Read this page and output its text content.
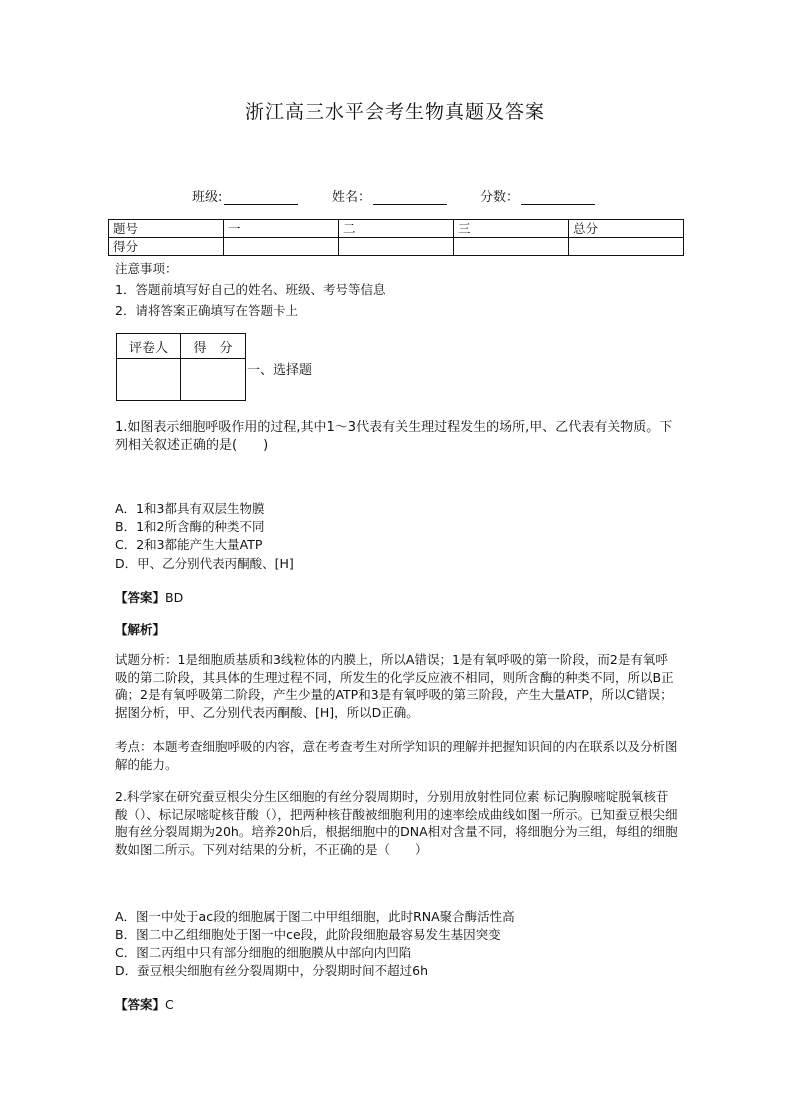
浙江高三水平会考生物真题及答案
班级:	姓名：	分数：
题号	一	二	三	总分
得分				
注意事项：
1．答题前填写好自己的姓名、班级、考号等信息
2．请将答案正确填写在答题卡上
评卷人	得　分

一、选择题
1.如图表示细胞呼吸作用的过程,其中1～3代表有关生理过程发生的场所,甲、乙代表有关物质。下列相关叙述正确的是(　　)
A．1和3都具有双层生物膜
B．1和2所含酶的种类不同
C．2和3都能产生大量ATP
D．甲、乙分别代表丙酮酸、[H]
【答案】BD
【解析】
试题分析：1是细胞质基质和3线粒体的内膜上，所以A错误；1是有氧呼吸的第一阶段，而2是有氧呼吸的第二阶段，其具体的生理过程不同，所发生的化学反应液不相同，则所含酶的种类不同，所以B正确；2是有氧呼吸第二阶段，产生少量的ATP和3是有氧呼吸的第三阶段，产生大量ATP，所以C错误；据图分析，甲、乙分别代表丙酮酸、[H]，所以D正确。
考点：本题考查细胞呼吸的内容，意在考查考生对所学知识的理解并把握知识间的内在联系以及分析图解的能力。
2.科学家在研究蚕豆根尖分生区细胞的有丝分裂周期时，分别用放射性同位素 标记胸腺嘧啶脱氧核苷酸（）、标记尿嘧啶核苷酸（），把两种核苷酸被细胞利用的速率绘成曲线如图一所示。已知蚕豆根尖细胞有丝分裂周期为20h。培养20h后，根据细胞中的DNA相对含量不同，将细胞分为三组，每组的细胞数如图二所示。下列对结果的分析，不正确的是（　　）
A．图一中处于ac段的细胞属于图二中甲组细胞，此时RNA聚合酶活性高
B．图二中乙组细胞处于图一中ce段，此阶段细胞最容易发生基因突变
C．图二丙组中只有部分细胞的细胞膜从中部向内凹陷
D．蚕豆根尖细胞有丝分裂周期中，分裂期时间不超过6h
【答案】C
